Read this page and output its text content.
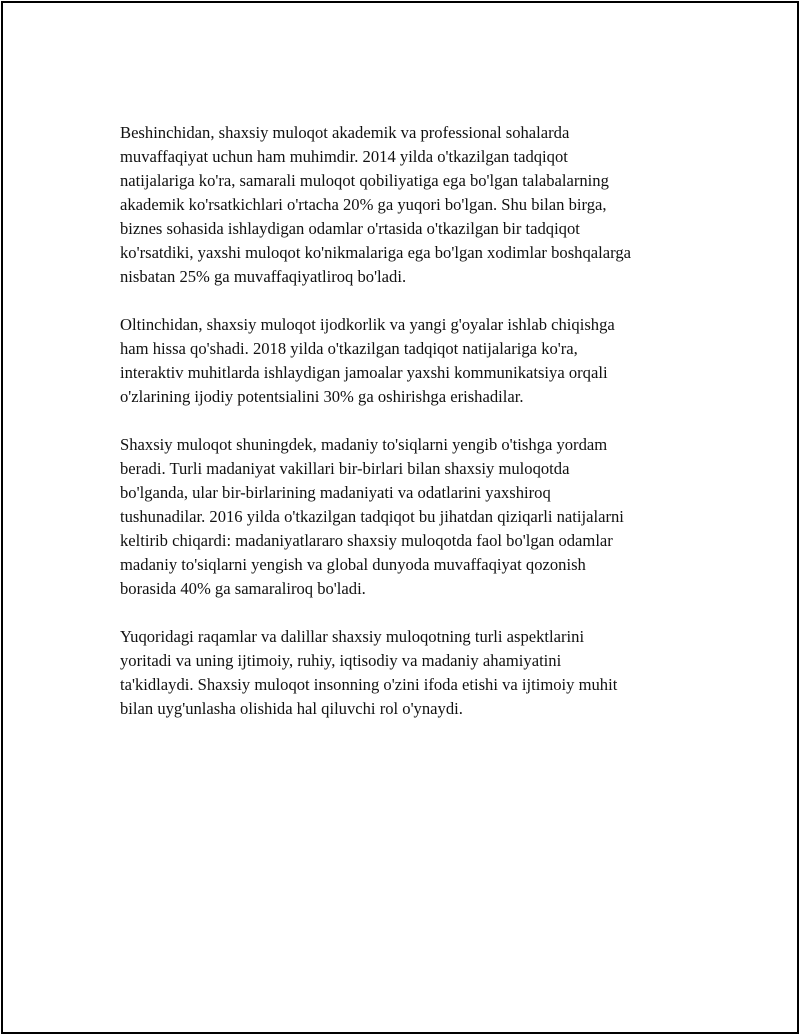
Beshinchidan, shaxsiy muloqot akademik va professional sohalarda
muvaffaqiyat uchun ham muhimdir. 2014 yilda o'tkazilgan tadqiqot
natijalariga ko'ra, samarali muloqot qobiliyatiga ega bo'lgan talabalarning
akademik ko'rsatkichlari o'rtacha 20% ga yuqori bo'lgan. Shu bilan birga,
biznes sohasida ishlaydigan odamlar o'rtasida o'tkazilgan bir tadqiqot
ko'rsatdiki, yaxshi muloqot ko'nikmalariga ega bo'lgan xodimlar boshqalarga
nisbatan 25% ga muvaffaqiyatliroq bo'ladi.

Oltinchidan, shaxsiy muloqot ijodkorlik va yangi g'oyalar ishlab chiqishga
ham hissa qo'shadi. 2018 yilda o'tkazilgan tadqiqot natijalariga ko'ra,
interaktiv muhitlarda ishlaydigan jamoalar yaxshi kommunikatsiya orqali
o'zlarining ijodiy potentsialini 30% ga oshirishga erishadilar.

Shaxsiy muloqot shuningdek, madaniy to'siqlarni yengib o'tishga yordam
beradi. Turli madaniyat vakillari bir-birlari bilan shaxsiy muloqotda
bo'lganda, ular bir-birlarining madaniyati va odatlarini yaxshiroq
tushunadilar. 2016 yilda o'tkazilgan tadqiqot bu jihatdan qiziqarli natijalarni
keltirib chiqardi: madaniyatlararo shaxsiy muloqotda faol bo'lgan odamlar
madaniy to'siqlarni yengish va global dunyoda muvaffaqiyat qozonish
borasida 40% ga samaraliroq bo'ladi.

Yuqoridagi raqamlar va dalillar shaxsiy muloqotning turli aspektlarini
yoritadi va uning ijtimoiy, ruhiy, iqtisodiy va madaniy ahamiyatini
ta'kidlaydi. Shaxsiy muloqot insonning o'zini ifoda etishi va ijtimoiy muhit
bilan uyg'unlasha olishida hal qiluvchi rol o'ynaydi.
